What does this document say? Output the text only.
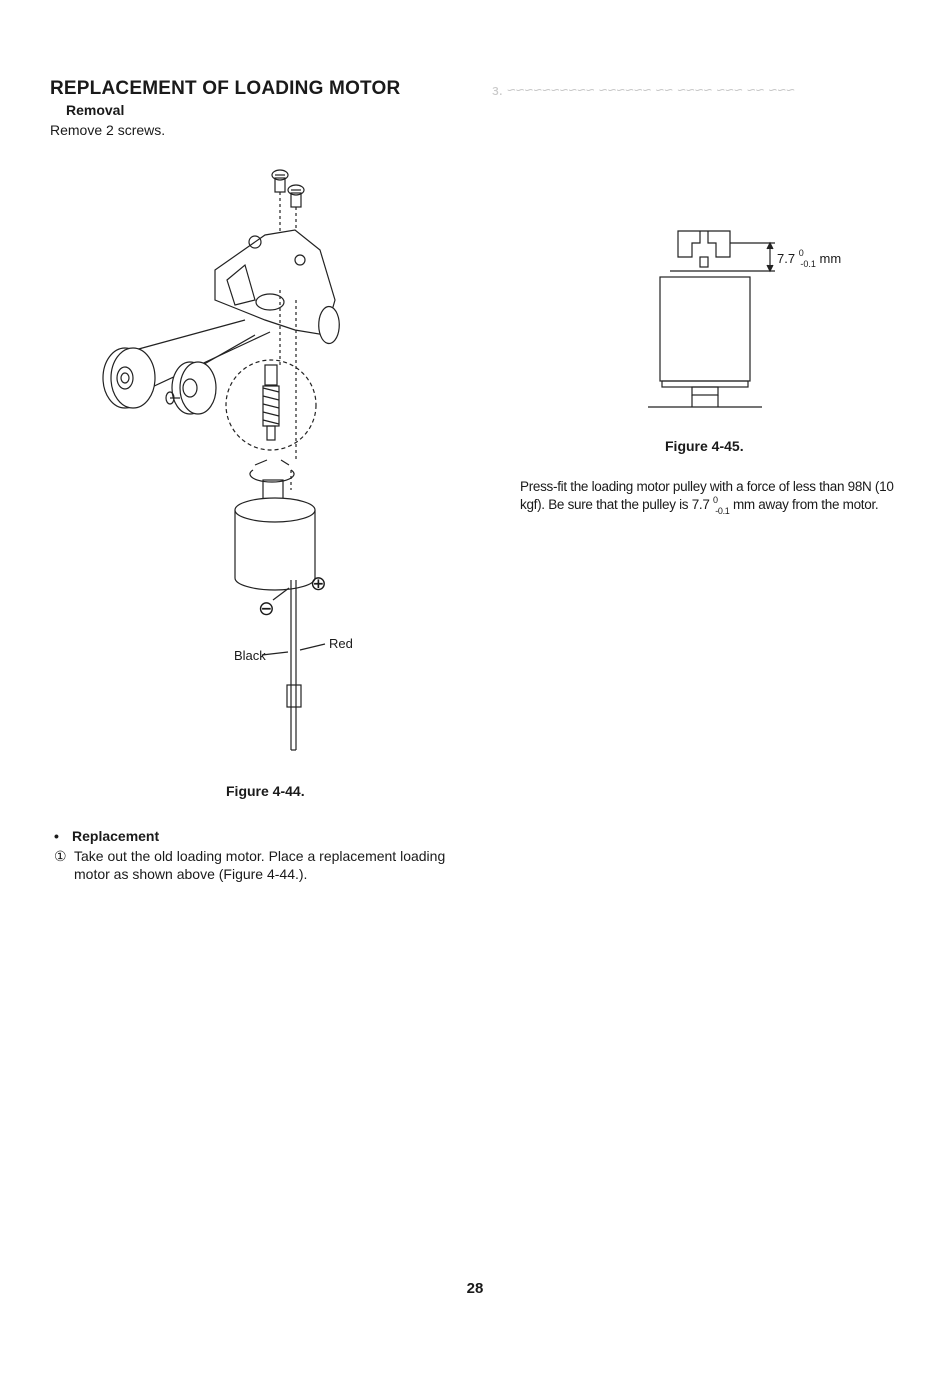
~~~ ~~ ~~~ ~~~~ ~~ ~~~~~~ ~~~~~~~~~~ .ε
REPLACEMENT OF LOADING MOTOR
Removal
Remove 2 screws.
⊕
⊖
Black
Red
Figure 4-44.
7.7 $^0$ $_{-0.1}$ mm
Figure 4-45.
Press-fit the loading motor pulley with a force of less than 98N (10
kgf). Be sure that the pulley is 7.7 $^0$ $_{-0.1}$ mm away from the motor.
• Replacement
① Take out the old loading motor. Place a replacement loading
motor as shown above (Figure 4-44.).
28
